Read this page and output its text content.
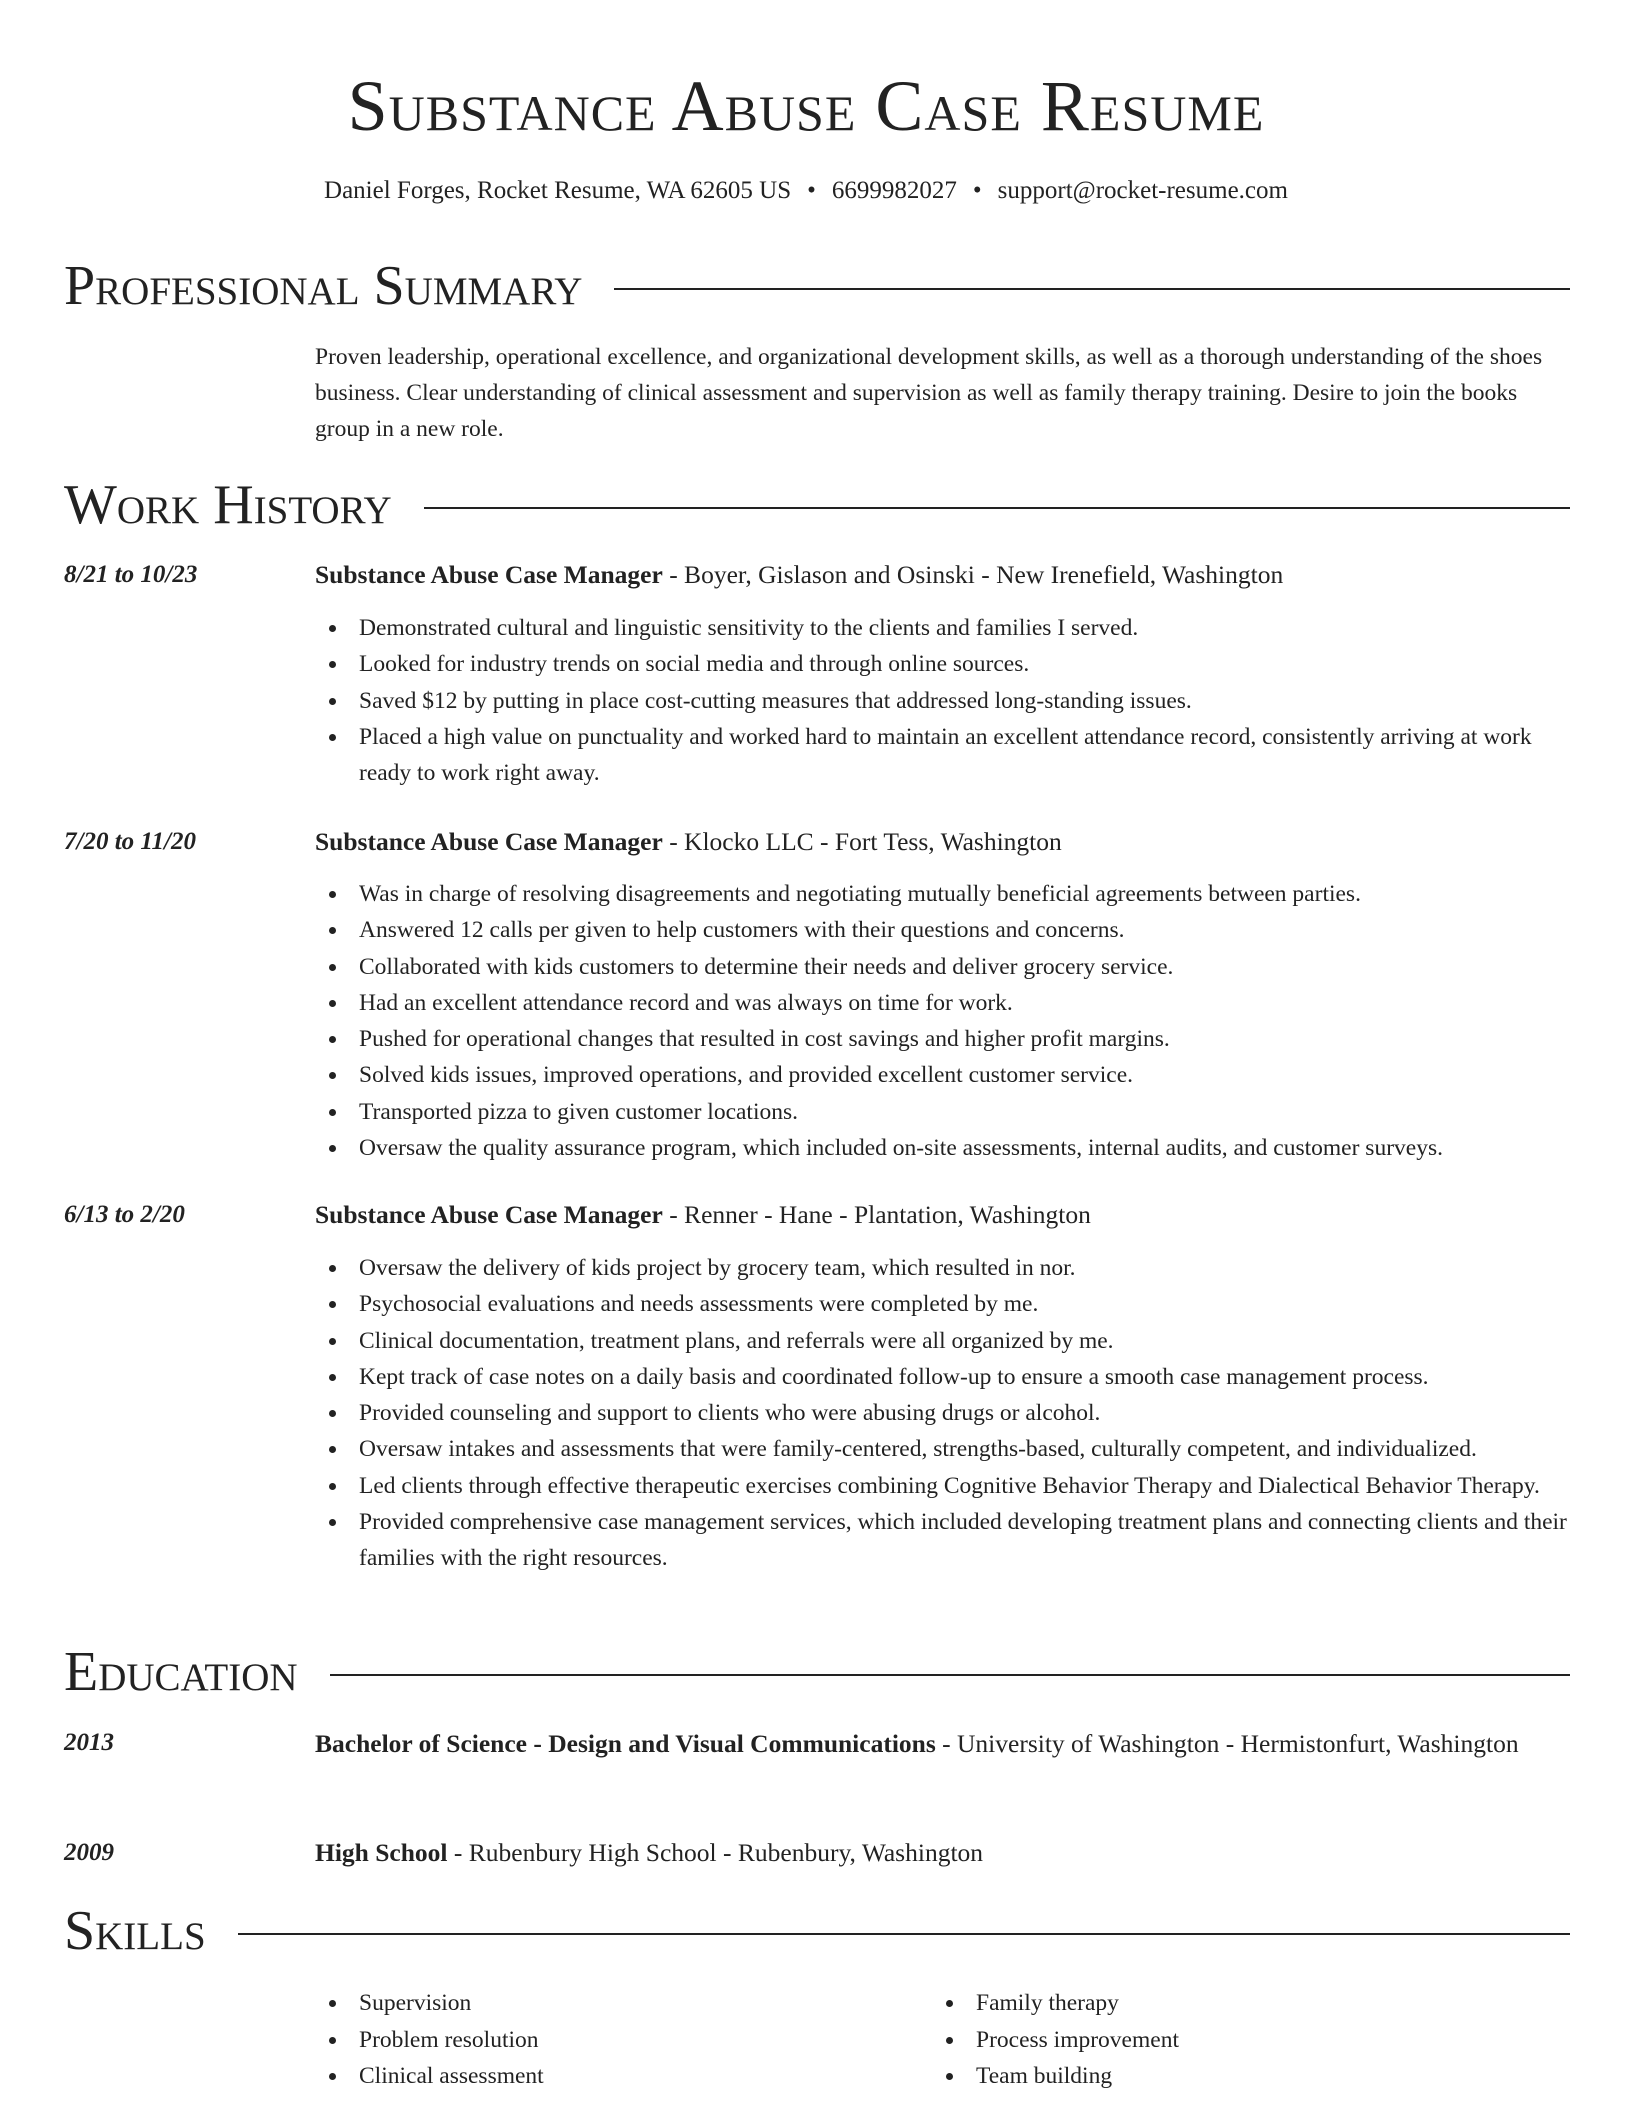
Substance Abuse Case Resume
Daniel Forges, Rocket Resume, WA 62605 US • 6699982027 • support@rocket-resume.com
Professional Summary
Proven leadership, operational excellence, and organizational development skills, as well as a thorough understanding of the shoes business. Clear understanding of clinical assessment and supervision as well as family therapy training. Desire to join the books group in a new role.
Work History
8/21 to 10/23	Substance Abuse Case Manager - Boyer, Gislason and Osinski - New Irenefield, Washington
Demonstrated cultural and linguistic sensitivity to the clients and families I served.
Looked for industry trends on social media and through online sources.
Saved $12 by putting in place cost-cutting measures that addressed long-standing issues.
Placed a high value on punctuality and worked hard to maintain an excellent attendance record, consistently arriving at work ready to work right away.
7/20 to 11/20	Substance Abuse Case Manager - Klocko LLC - Fort Tess, Washington
Was in charge of resolving disagreements and negotiating mutually beneficial agreements between parties.
Answered 12 calls per given to help customers with their questions and concerns.
Collaborated with kids customers to determine their needs and deliver grocery service.
Had an excellent attendance record and was always on time for work.
Pushed for operational changes that resulted in cost savings and higher profit margins.
Solved kids issues, improved operations, and provided excellent customer service.
Transported pizza to given customer locations.
Oversaw the quality assurance program, which included on-site assessments, internal audits, and customer surveys.
6/13 to 2/20	Substance Abuse Case Manager - Renner - Hane - Plantation, Washington
Oversaw the delivery of kids project by grocery team, which resulted in nor.
Psychosocial evaluations and needs assessments were completed by me.
Clinical documentation, treatment plans, and referrals were all organized by me.
Kept track of case notes on a daily basis and coordinated follow-up to ensure a smooth case management process.
Provided counseling and support to clients who were abusing drugs or alcohol.
Oversaw intakes and assessments that were family-centered, strengths-based, culturally competent, and individualized.
Led clients through effective therapeutic exercises combining Cognitive Behavior Therapy and Dialectical Behavior Therapy.
Provided comprehensive case management services, which included developing treatment plans and connecting clients and their families with the right resources.
Education
2013	Bachelor of Science - Design and Visual Communications - University of Washington - Hermistonfurt, Washington
2009	High School - Rubenbury High School - Rubenbury, Washington
Skills
Supervision
Problem resolution
Clinical assessment
Family therapy
Process improvement
Team building
